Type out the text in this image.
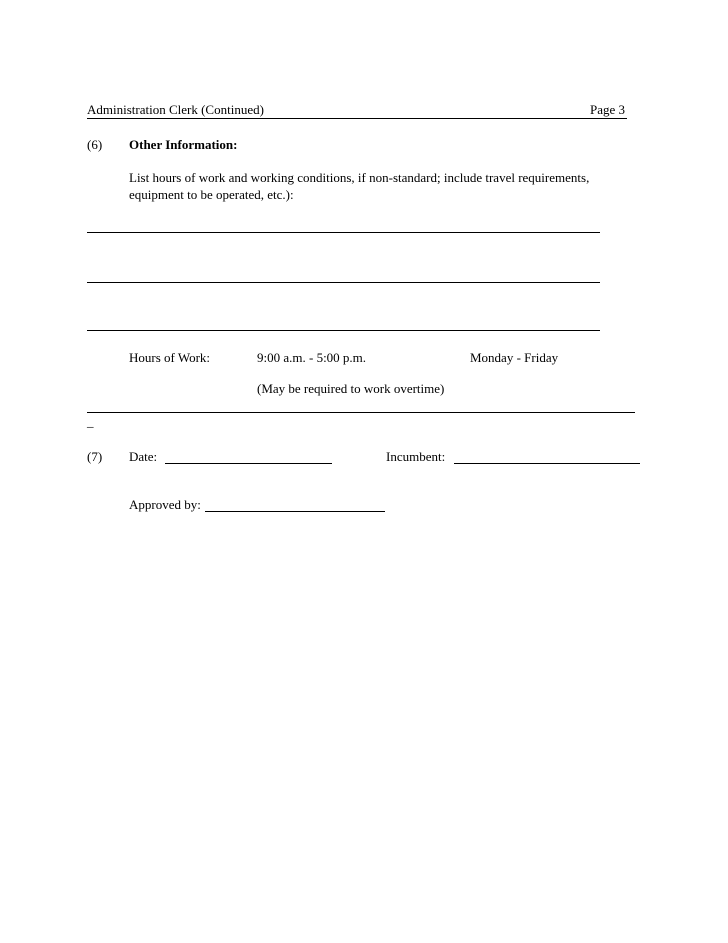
Administration Clerk (Continued)	Page 3
(6) Other Information:
List hours of work and working conditions, if non-standard; include travel requirements,
equipment to be operated, etc.):
Hours of Work:	9:00 a.m. - 5:00 p.m.	Monday - Friday
(May be required to work overtime)
_
(7) Date:	Incumbent:
Approved by:
